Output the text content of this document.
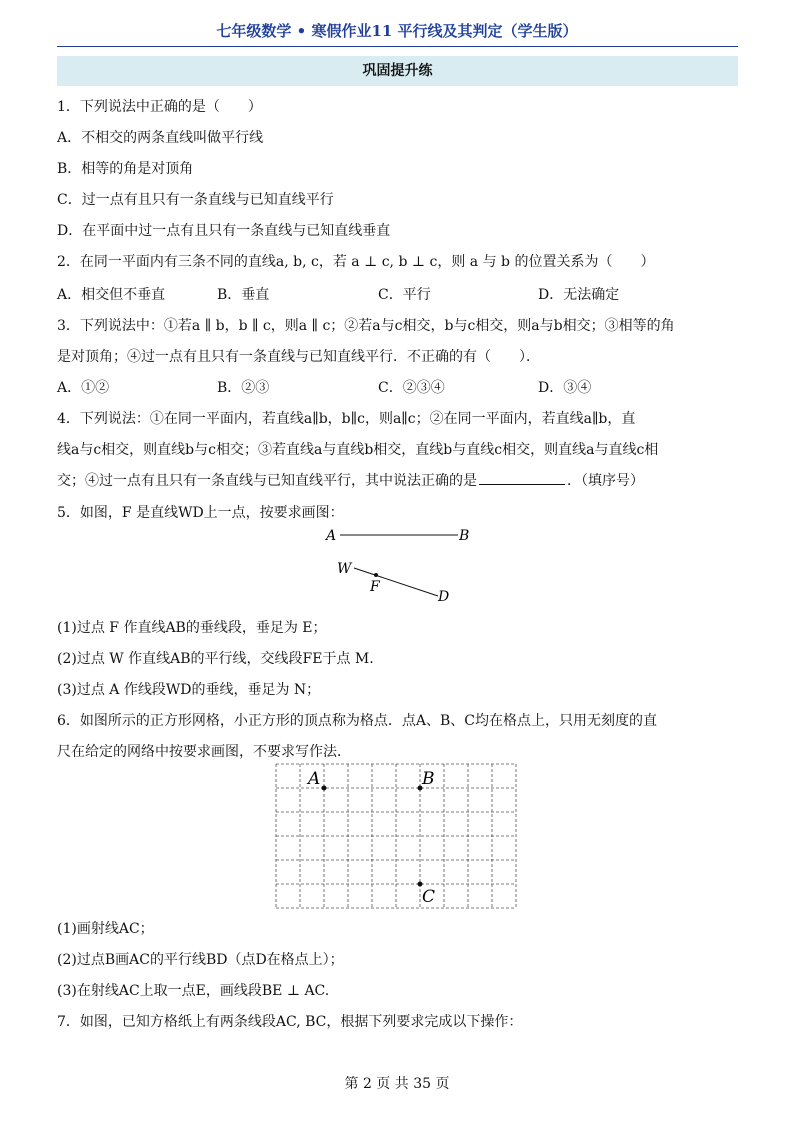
七年级数学 • 寒假作业11 平行线及其判定（学生版）
巩固提升练
1．下列说法中正确的是（　　）
A．不相交的两条直线叫做平行线
B．相等的角是对顶角
C．过一点有且只有一条直线与已知直线平行
D．在平面中过一点有且只有一条直线与已知直线垂直
2．在同一平面内有三条不同的直线a, b, c，若 a ⊥ c, b ⊥ c，则 a 与 b 的位置关系为（　　）
A．相交但不垂直	B．垂直	C．平行	D．无法确定
3．下列说法中：①若a ∥ b，b ∥ c，则a ∥ c；②若a与c相交，b与c相交，则a与b相交；③相等的角
是对顶角；④过一点有且只有一条直线与已知直线平行．不正确的有（　　）．
A．①②	B．②③	C．②③④	D．③④
4．下列说法：①在同一平面内，若直线a∥b，b∥c，则a∥c；②在同一平面内，若直线a∥b，直
线a与c相交，则直线b与c相交；③若直线a与直线b相交，直线b与直线c相交，则直线a与直线c相
交；④过一点有且只有一条直线与已知直线平行，其中说法正确的是	．（填序号）
5．如图，F 是直线WD上一点，按要求画图：
A	B
W
F
D
(1)过点 F 作直线AB的垂线段，垂足为 E；
(2)过点 W 作直线AB的平行线，交线段FE于点 M.
(3)过点 A 作线段WD的垂线，垂足为 N；
6．如图所示的正方形网格，小正方形的顶点称为格点．点A、B、C均在格点上，只用无刻度的直
尺在给定的网络中按要求画图，不要求写作法．
A	B
C
(1)画射线AC；
(2)过点B画AC的平行线BD（点D在格点上）；
(3)在射线AC上取一点E，画线段BE ⊥ AC.
7．如图，已知方格纸上有两条线段AC, BC，根据下列要求完成以下操作：
第 2 页 共 35 页
